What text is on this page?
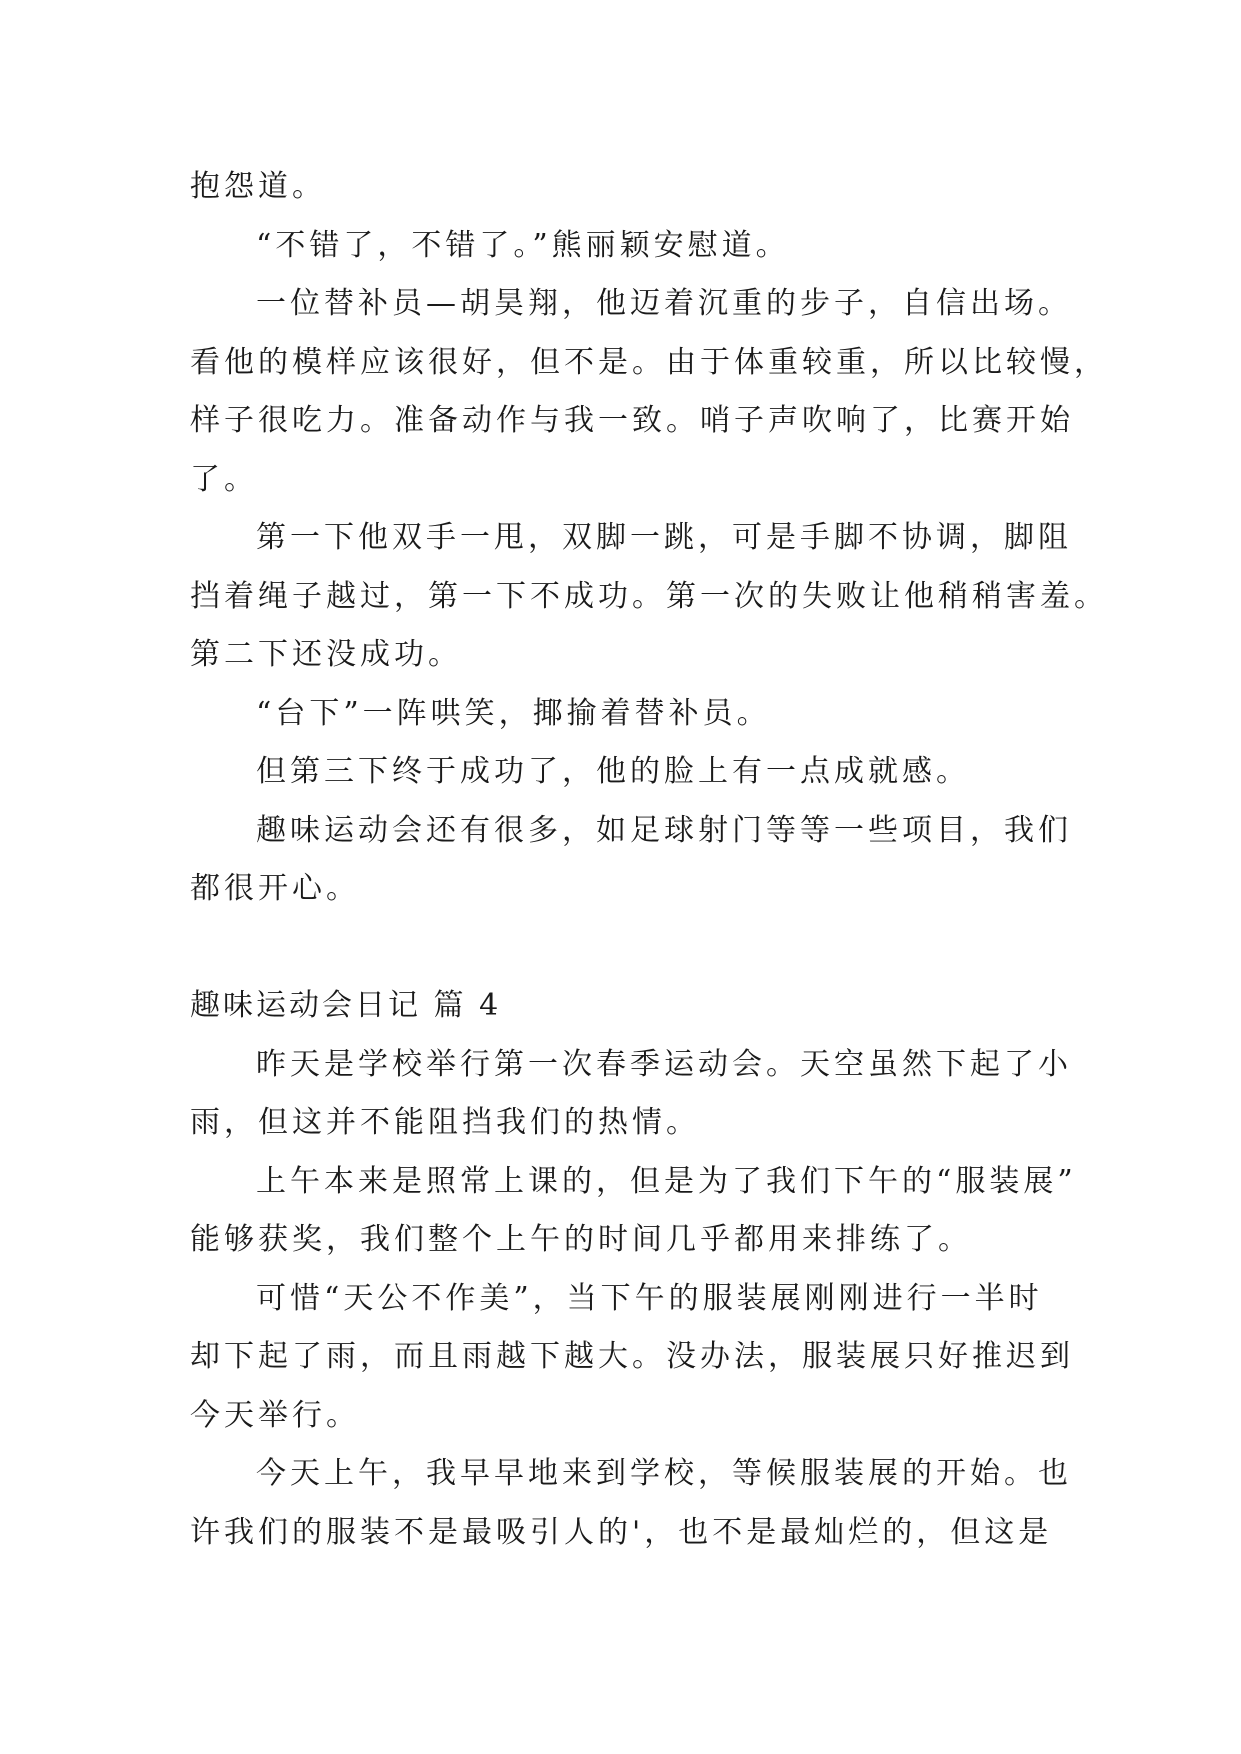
抱怨道。
“不错了，不错了。”熊丽颖安慰道。
一位替补员—胡昊翔，他迈着沉重的步子，自信出场。
看他的模样应该很好，但不是。由于体重较重，所以比较慢，
样子很吃力。准备动作与我一致。哨子声吹响了，比赛开始
了。
第一下他双手一甩，双脚一跳，可是手脚不协调，脚阻
挡着绳子越过，第一下不成功。第一次的失败让他稍稍害羞。
第二下还没成功。
“台下”一阵哄笑，揶揄着替补员。
但第三下终于成功了，他的脸上有一点成就感。
趣味运动会还有很多，如足球射门等等一些项目，我们
都很开心。
趣味运动会日记 篇 4
昨天是学校举行第一次春季运动会。天空虽然下起了小
雨，但这并不能阻挡我们的热情。
上午本来是照常上课的，但是为了我们下午的“服装展”
能够获奖，我们整个上午的时间几乎都用来排练了。
可惜“天公不作美”，当下午的服装展刚刚进行一半时
却下起了雨，而且雨越下越大。没办法，服装展只好推迟到
今天举行。
今天上午，我早早地来到学校，等候服装展的开始。也
许我们的服装不是最吸引人的'，也不是最灿烂的，但这是
